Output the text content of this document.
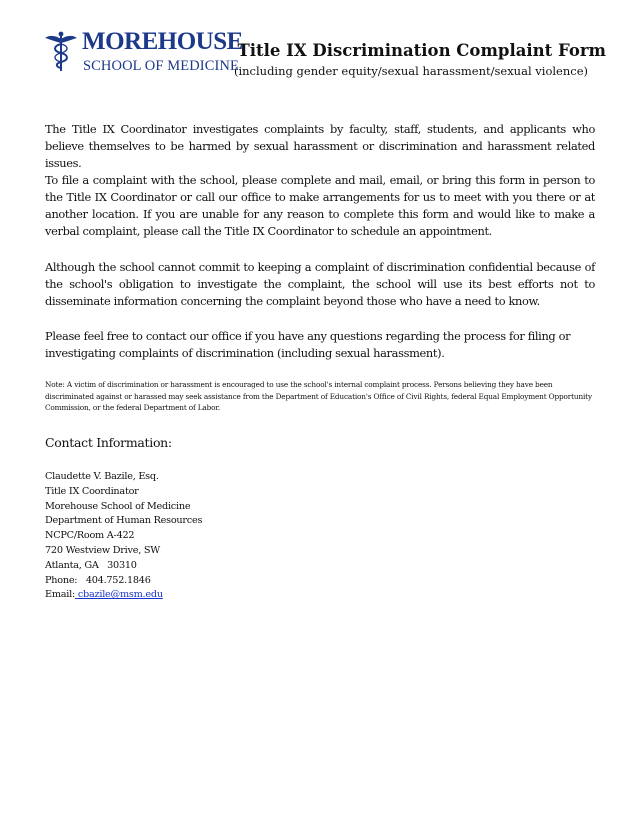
MOREHOUSE
SCHOOL OF MEDICINE
Title IX Discrimination Complaint Form
(including gender equity/sexual harassment/sexual violence)
The Title IX Coordinator investigates complaints by faculty, staff, students, and applicants who believe themselves to be harmed by sexual harassment or discrimination and harassment related issues.
To file a complaint with the school, please complete and mail, email, or bring this form in person to the Title IX Coordinator or call our office to make arrangements for us to meet with you there or at another location. If you are unable for any reason to complete this form and would like to make a verbal complaint, please call the Title IX Coordinator to schedule an appointment.
Although the school cannot commit to keeping a complaint of discrimination confidential because of the school's obligation to investigate the complaint, the school will use its best efforts not to disseminate information concerning the complaint beyond those who have a need to know.
Please feel free to contact our office if you have any questions regarding the process for filing or investigating complaints of discrimination (including sexual harassment).
Note: A victim of discrimination or harassment is encouraged to use the school's internal complaint process. Persons believing they have been discriminated against or harassed may seek assistance from the Department of Education's Office of Civil Rights, federal Equal Employment Opportunity Commission, or the federal Department of Labor.
Contact Information:
Claudette V. Bazile, Esq.
Title IX Coordinator
Morehouse School of Medicine
Department of Human Resources
NCPC/Room A-422
720 Westview Drive, SW
Atlanta, GA   30310
Phone: 404.752.1846
Email: cbazile@msm.edu
